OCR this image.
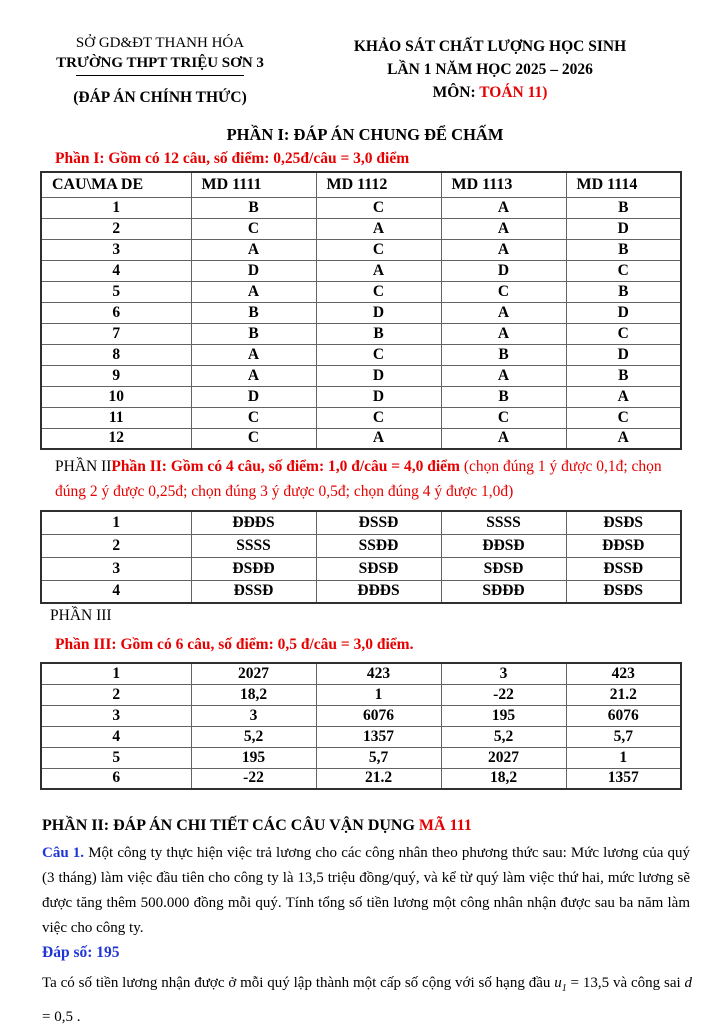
SỞ GD&ĐT THANH HÓA
TRƯỜNG THPT TRIỆU SƠN 3
(ĐÁP ÁN CHÍNH THỨC)
KHẢO SÁT CHẤT LƯỢNG HỌC SINH
LẦN 1 NĂM HỌC 2025 – 2026
MÔN: TOÁN 11)
PHẦN I: ĐÁP ÁN CHUNG ĐỂ CHẤM
Phần I: Gồm có 12 câu, số điểm: 0,25đ/câu = 3,0 điểm
CAU\MA DE	MD 1111	MD 1112	MD 1113	MD 1114
1	B	C	A	B
2	C	A	A	D
3	A	C	A	B
4	D	A	D	C
5	A	C	C	B
6	B	D	A	D
7	B	B	A	C
8	A	C	B	D
9	A	D	A	B
10	D	D	B	A
11	C	C	C	C
12	C	A	A	A
PHẦN IIPhần II: Gồm có 4 câu, số điểm: 1,0 đ/câu = 4,0 điểm (chọn đúng 1 ý được 0,1đ; chọn đúng 2 ý được 0,25đ; chọn đúng 3 ý được 0,5đ; chọn đúng 4 ý được 1,0đ)
1	ĐĐĐS	ĐSSĐ	SSSS	ĐSĐS
2	SSSS	SSĐĐ	ĐĐSĐ	ĐĐSĐ
3	ĐSĐĐ	SĐSĐ	SĐSĐ	ĐSSĐ
4	ĐSSĐ	ĐĐĐS	SĐĐĐ	ĐSĐS
PHẦN III
Phần III: Gồm có 6 câu, số điểm: 0,5 đ/câu = 3,0 điểm.
1	2027	423	3	423
2	18,2	1	-22	21.2
3	3	6076	195	6076
4	5,2	1357	5,2	5,7
5	195	5,7	2027	1
6	-22	21.2	18,2	1357
PHẦN II: ĐÁP ÁN CHI TIẾT CÁC CÂU VẬN DỤNG MÃ 111
Câu 1. Một công ty thực hiện việc trả lương cho các công nhân theo phương thức sau: Mức lương của quý (3 tháng) làm việc đầu tiên cho công ty là 13,5 triệu đồng/quý, và kể từ quý làm việc thứ hai, mức lương sẽ được tăng thêm 500.000 đồng mỗi quý. Tính tổng số tiền lương một công nhân nhận được sau ba năm làm việc cho công ty.
Đáp số: 195
Ta có số tiền lương nhận được ở mỗi quý lập thành một cấp số cộng với số hạng đầu $u_1 = 13,5$ và công sai d = 0,5 .
